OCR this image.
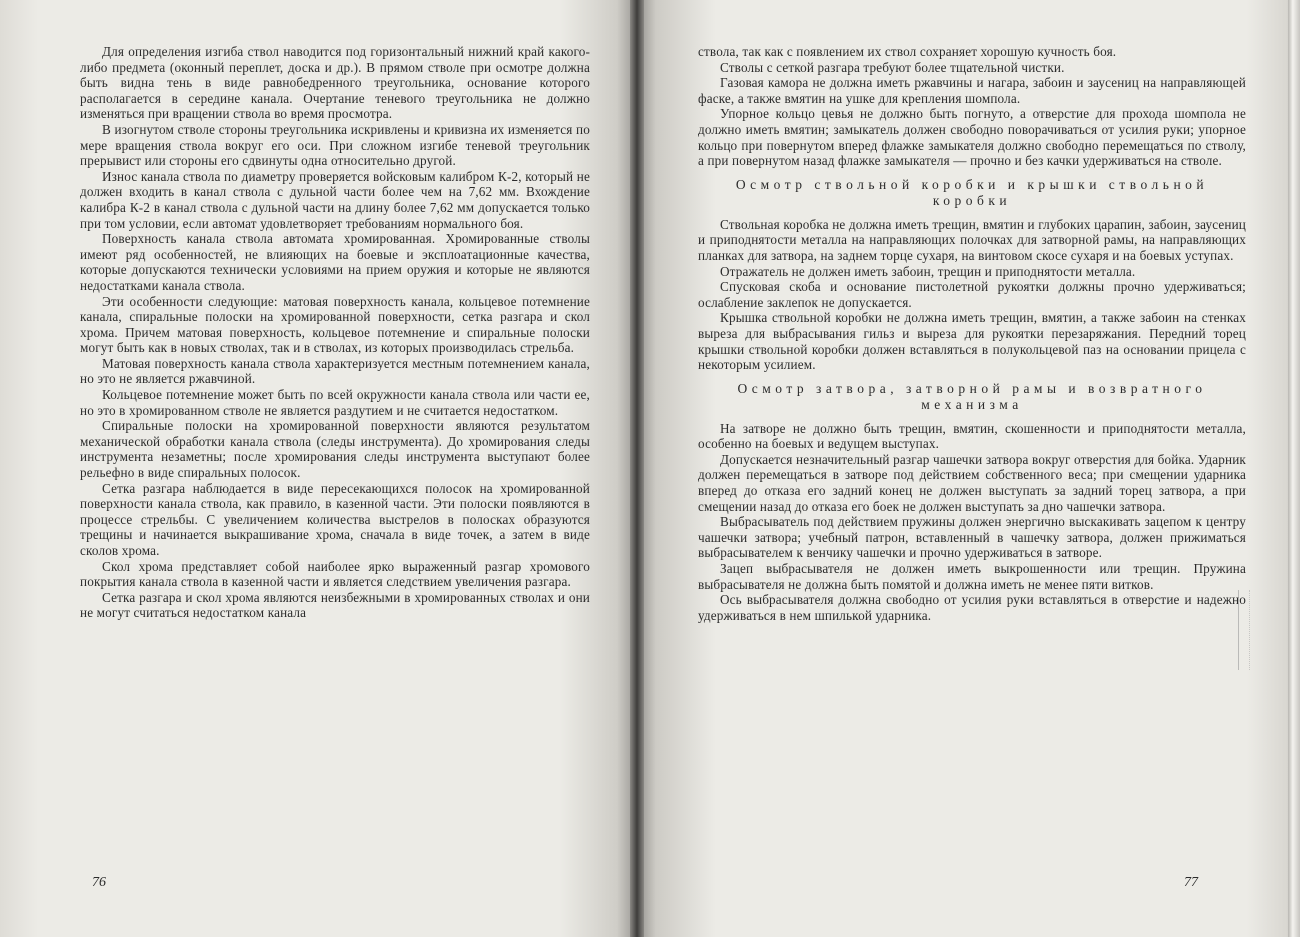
Для определения изгиба ствол наводится под горизонтальный нижний край какого-либо предмета (оконный переплет, доска и др.). В прямом стволе при осмотре должна быть видна тень в виде равнобедренного треугольника, основание которого располагается в середине канала. Очертание теневого треугольника не должно изменяться при вращении ствола во время просмотра.

В изогнутом стволе стороны треугольника искривлены и кривизна их изменяется по мере вращения ствола вокруг его оси. При сложном изгибе теневой треугольник прерывист или стороны его сдвинуты одна относительно другой.

Износ канала ствола по диаметру проверяется войсковым калибром К-2, который не должен входить в канал ствола с дульной части более чем на 7,62 мм. Вхождение калибра К-2 в канал ствола с дульной части на длину более 7,62 мм допускается только при том условии, если автомат удовлетворяет требованиям нормального боя.

Поверхность канала ствола автомата хромированная. Хромированные стволы имеют ряд особенностей, не влияющих на боевые и эксплоатационные качества, которые допускаются технически условиями на прием оружия и которые не являются недостатками канала ствола.

Эти особенности следующие: матовая поверхность канала, кольцевое потемнение канала, спиральные полоски на хромированной поверхности, сетка разгара и скол хрома. Причем матовая поверхность, кольцевое потемнение и спиральные полоски могут быть как в новых стволах, так и в стволах, из которых производилась стрельба.

Матовая поверхность канала ствола характеризуется местным потемнением канала, но это не является ржавчиной.

Кольцевое потемнение может быть по всей окружности канала ствола или части ее, но это в хромированном стволе не является раздутием и не считается недостатком.

Спиральные полоски на хромированной поверхности являются результатом механической обработки канала ствола (следы инструмента). До хромирования следы инструмента незаметны; после хромирования следы инструмента выступают более рельефно в виде спиральных полосок.

Сетка разгара наблюдается в виде пересекающихся полосок на хромированной поверхности канала ствола, как правило, в казенной части. Эти полоски появляются в процессе стрельбы. С увеличением количества выстрелов в полосках образуются трещины и начинается выкрашивание хрома, сначала в виде точек, а затем в виде сколов хрома.

Скол хрома представляет собой наиболее ярко выраженный разгар хромового покрытия канала ствола в казенной части и является следствием увеличения разгара.

Сетка разгара и скол хрома являются неизбежными в хромированных стволах и они не могут считаться недостатком канала

76

ствола, так как с появлением их ствол сохраняет хорошую кучность боя.

Стволы с сеткой разгара требуют более тщательной чистки.

Газовая камора не должна иметь ржавчины и нагара, забоин и заусениц на направляющей фаске, а также вмятин на ушке для крепления шомпола.

Упорное кольцо цевья не должно быть погнуто, а отверстие для прохода шомпола не должно иметь вмятин; замыкатель должен свободно поворачиваться от усилия руки; упорное кольцо при повернутом вперед флажке замыкателя должно свободно перемещаться по стволу, а при повернутом назад флажке замыкателя — прочно и без качки удерживаться на стволе.

Осмотр ствольной коробки и крышки ствольной коробки

Ствольная коробка не должна иметь трещин, вмятин и глубоких царапин, забоин, заусениц и приподнятости металла на направляющих полочках для затворной рамы, на направляющих планках для затвора, на заднем торце сухаря, на винтовом скосе сухаря и на боевых уступах.

Отражатель не должен иметь забоин, трещин и приподнятости металла.

Спусковая скоба и основание пистолетной рукоятки должны прочно удерживаться; ослабление заклепок не допускается.

Крышка ствольной коробки не должна иметь трещин, вмятин, а также забоин на стенках выреза для выбрасывания гильз и выреза для рукоятки перезаряжания. Передний торец крышки ствольной коробки должен вставляться в полукольцевой паз на основании прицела с некоторым усилием.

Осмотр затвора, затворной рамы и возвратного механизма

На затворе не должно быть трещин, вмятин, скошенности и приподнятости металла, особенно на боевых и ведущем выступах.

Допускается незначительный разгар чашечки затвора вокруг отверстия для бойка. Ударник должен перемещаться в затворе под действием собственного веса; при смещении ударника вперед до отказа его задний конец не должен выступать за задний торец затвора, а при смещении назад до отказа его боек не должен выступать за дно чашечки затвора.

Выбрасыватель под действием пружины должен энергично выскакивать зацепом к центру чашечки затвора; учебный патрон, вставленный в чашечку затвора, должен прижиматься выбрасывателем к венчику чашечки и прочно удерживаться в затворе.

Зацеп выбрасывателя не должен иметь выкрошенности или трещин. Пружина выбрасывателя не должна быть помятой и должна иметь не менее пяти витков.

Ось выбрасывателя должна свободно от усилия руки вставляться в отверстие и надежно удерживаться в нем шпилькой ударника.

77
